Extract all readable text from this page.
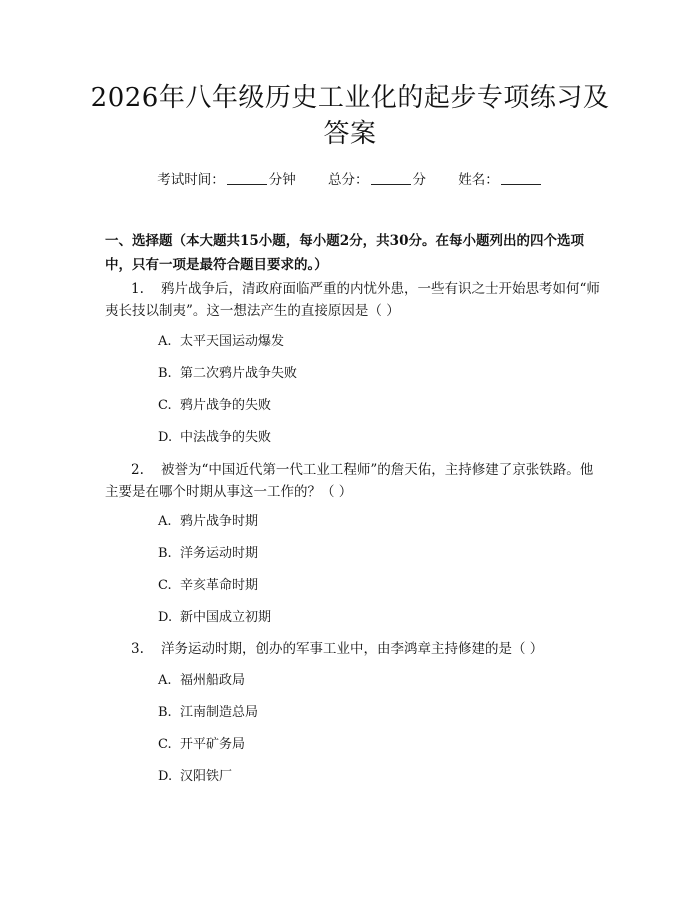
2026年八年级历史工业化的起步专项练习及答案
考试时间：	分钟 总分：	分 姓名：
一、选择题（本大题共15小题，每小题2分，共30分。在每小题列出的四个选项中，只有一项是最符合题目要求的。）
1. 鸦片战争后，清政府面临严重的内忧外患，一些有识之士开始思考如何“师夷长技以制夷”。这一想法产生的直接原因是（ ）
A. 太平天国运动爆发
B. 第二次鸦片战争失败
C. 鸦片战争的失败
D. 中法战争的失败
2. 被誉为“中国近代第一代工业工程师”的詹天佑，主持修建了京张铁路。他主要是在哪个时期从事这一工作的？（ ）
A. 鸦片战争时期
B. 洋务运动时期
C. 辛亥革命时期
D. 新中国成立初期
3. 洋务运动时期，创办的军事工业中，由李鸿章主持修建的是（ ）
A. 福州船政局
B. 江南制造总局
C. 开平矿务局
D. 汉阳铁厂
